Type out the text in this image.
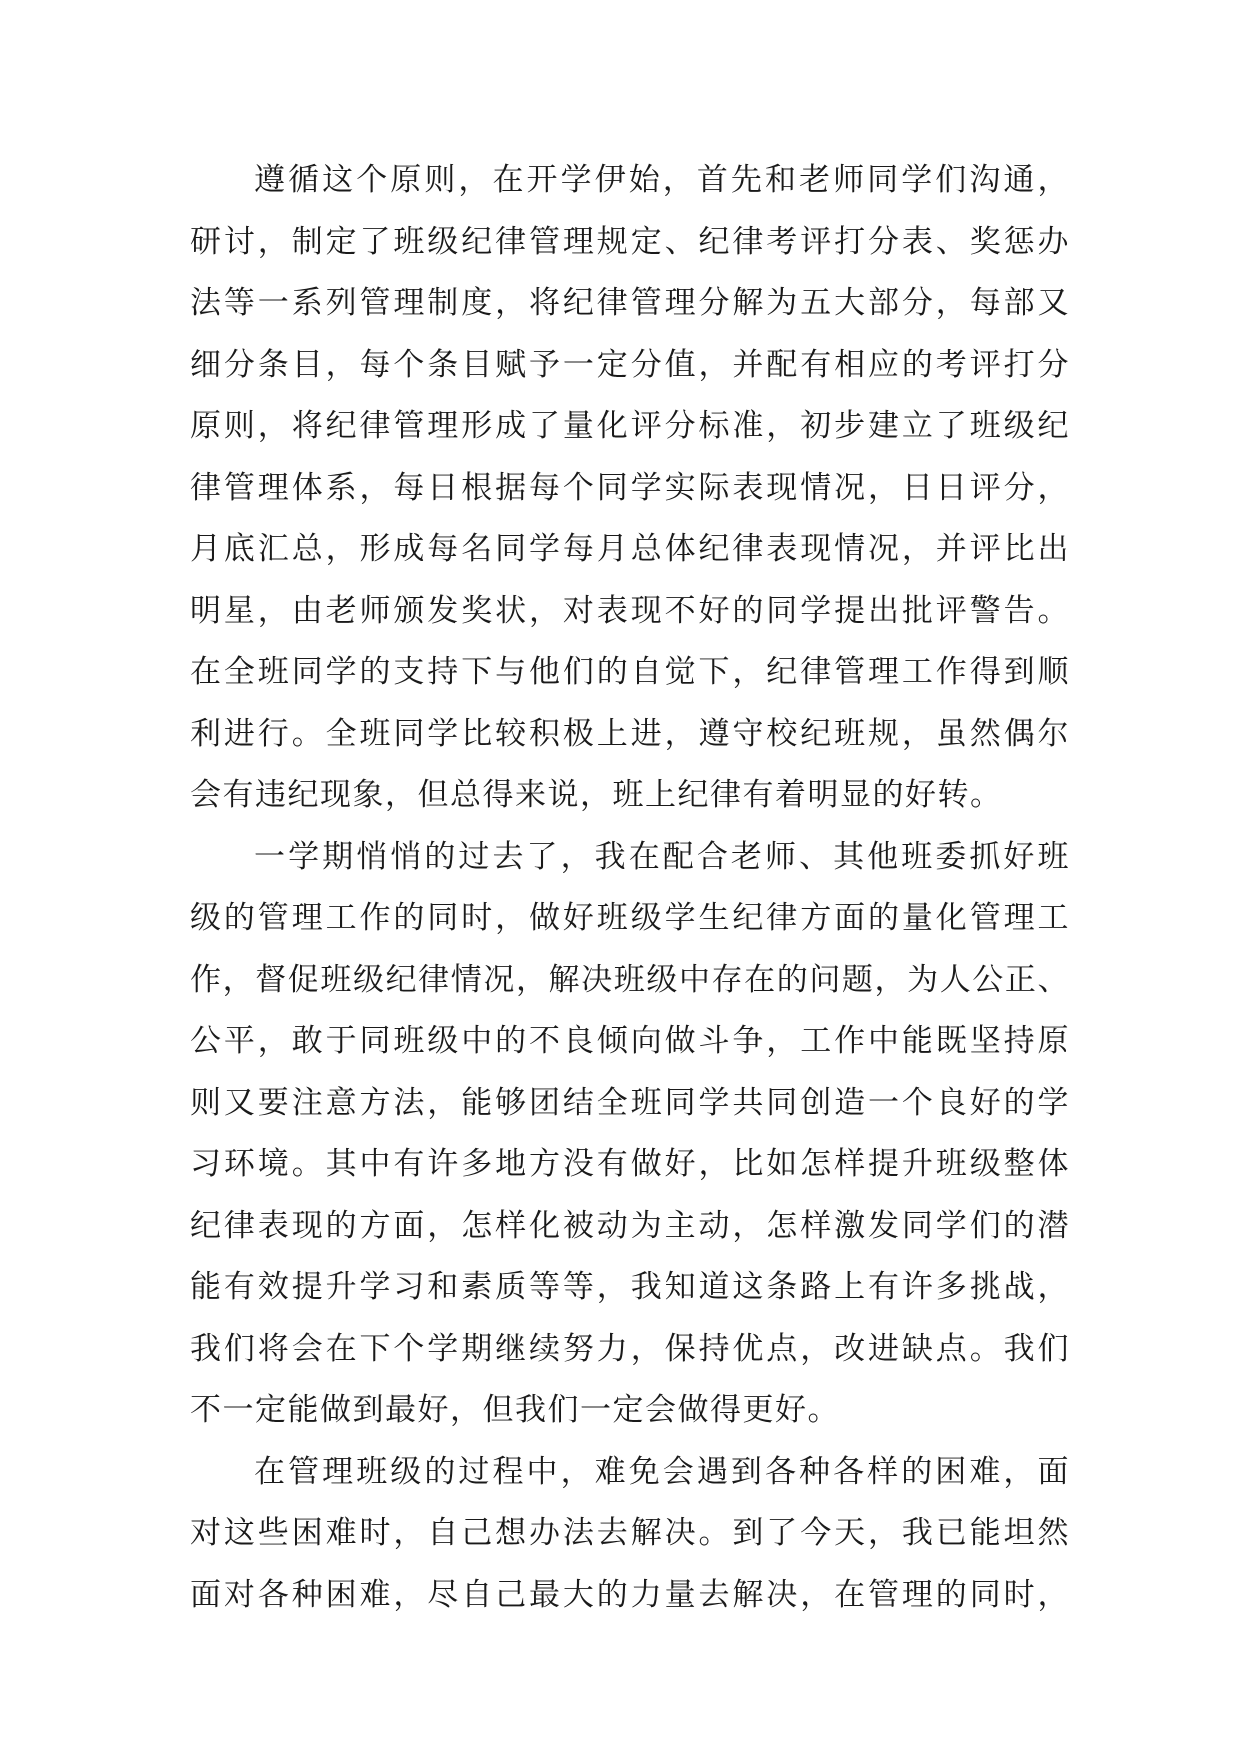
遵循这个原则，在开学伊始，首先和老师同学们沟通，
研讨，制定了班级纪律管理规定、纪律考评打分表、奖惩办
法等一系列管理制度，将纪律管理分解为五大部分，每部又
细分条目，每个条目赋予一定分值，并配有相应的考评打分
原则，将纪律管理形成了量化评分标准，初步建立了班级纪
律管理体系，每日根据每个同学实际表现情况，日日评分，
月底汇总，形成每名同学每月总体纪律表现情况，并评比出
明星，由老师颁发奖状，对表现不好的同学提出批评警告。
在全班同学的支持下与他们的自觉下，纪律管理工作得到顺
利进行。全班同学比较积极上进，遵守校纪班规，虽然偶尔
会有违纪现象，但总得来说，班上纪律有着明显的好转。
一学期悄悄的过去了，我在配合老师、其他班委抓好班
级的管理工作的同时，做好班级学生纪律方面的量化管理工
作，督促班级纪律情况，解决班级中存在的问题，为人公正、
公平，敢于同班级中的不良倾向做斗争，工作中能既坚持原
则又要注意方法，能够团结全班同学共同创造一个良好的学
习环境。其中有许多地方没有做好，比如怎样提升班级整体
纪律表现的方面，怎样化被动为主动，怎样激发同学们的潜
能有效提升学习和素质等等，我知道这条路上有许多挑战，
我们将会在下个学期继续努力，保持优点，改进缺点。我们
不一定能做到最好，但我们一定会做得更好。
在管理班级的过程中，难免会遇到各种各样的困难，面
对这些困难时，自己想办法去解决。到了今天，我已能坦然
面对各种困难，尽自己最大的力量去解决，在管理的同时，
